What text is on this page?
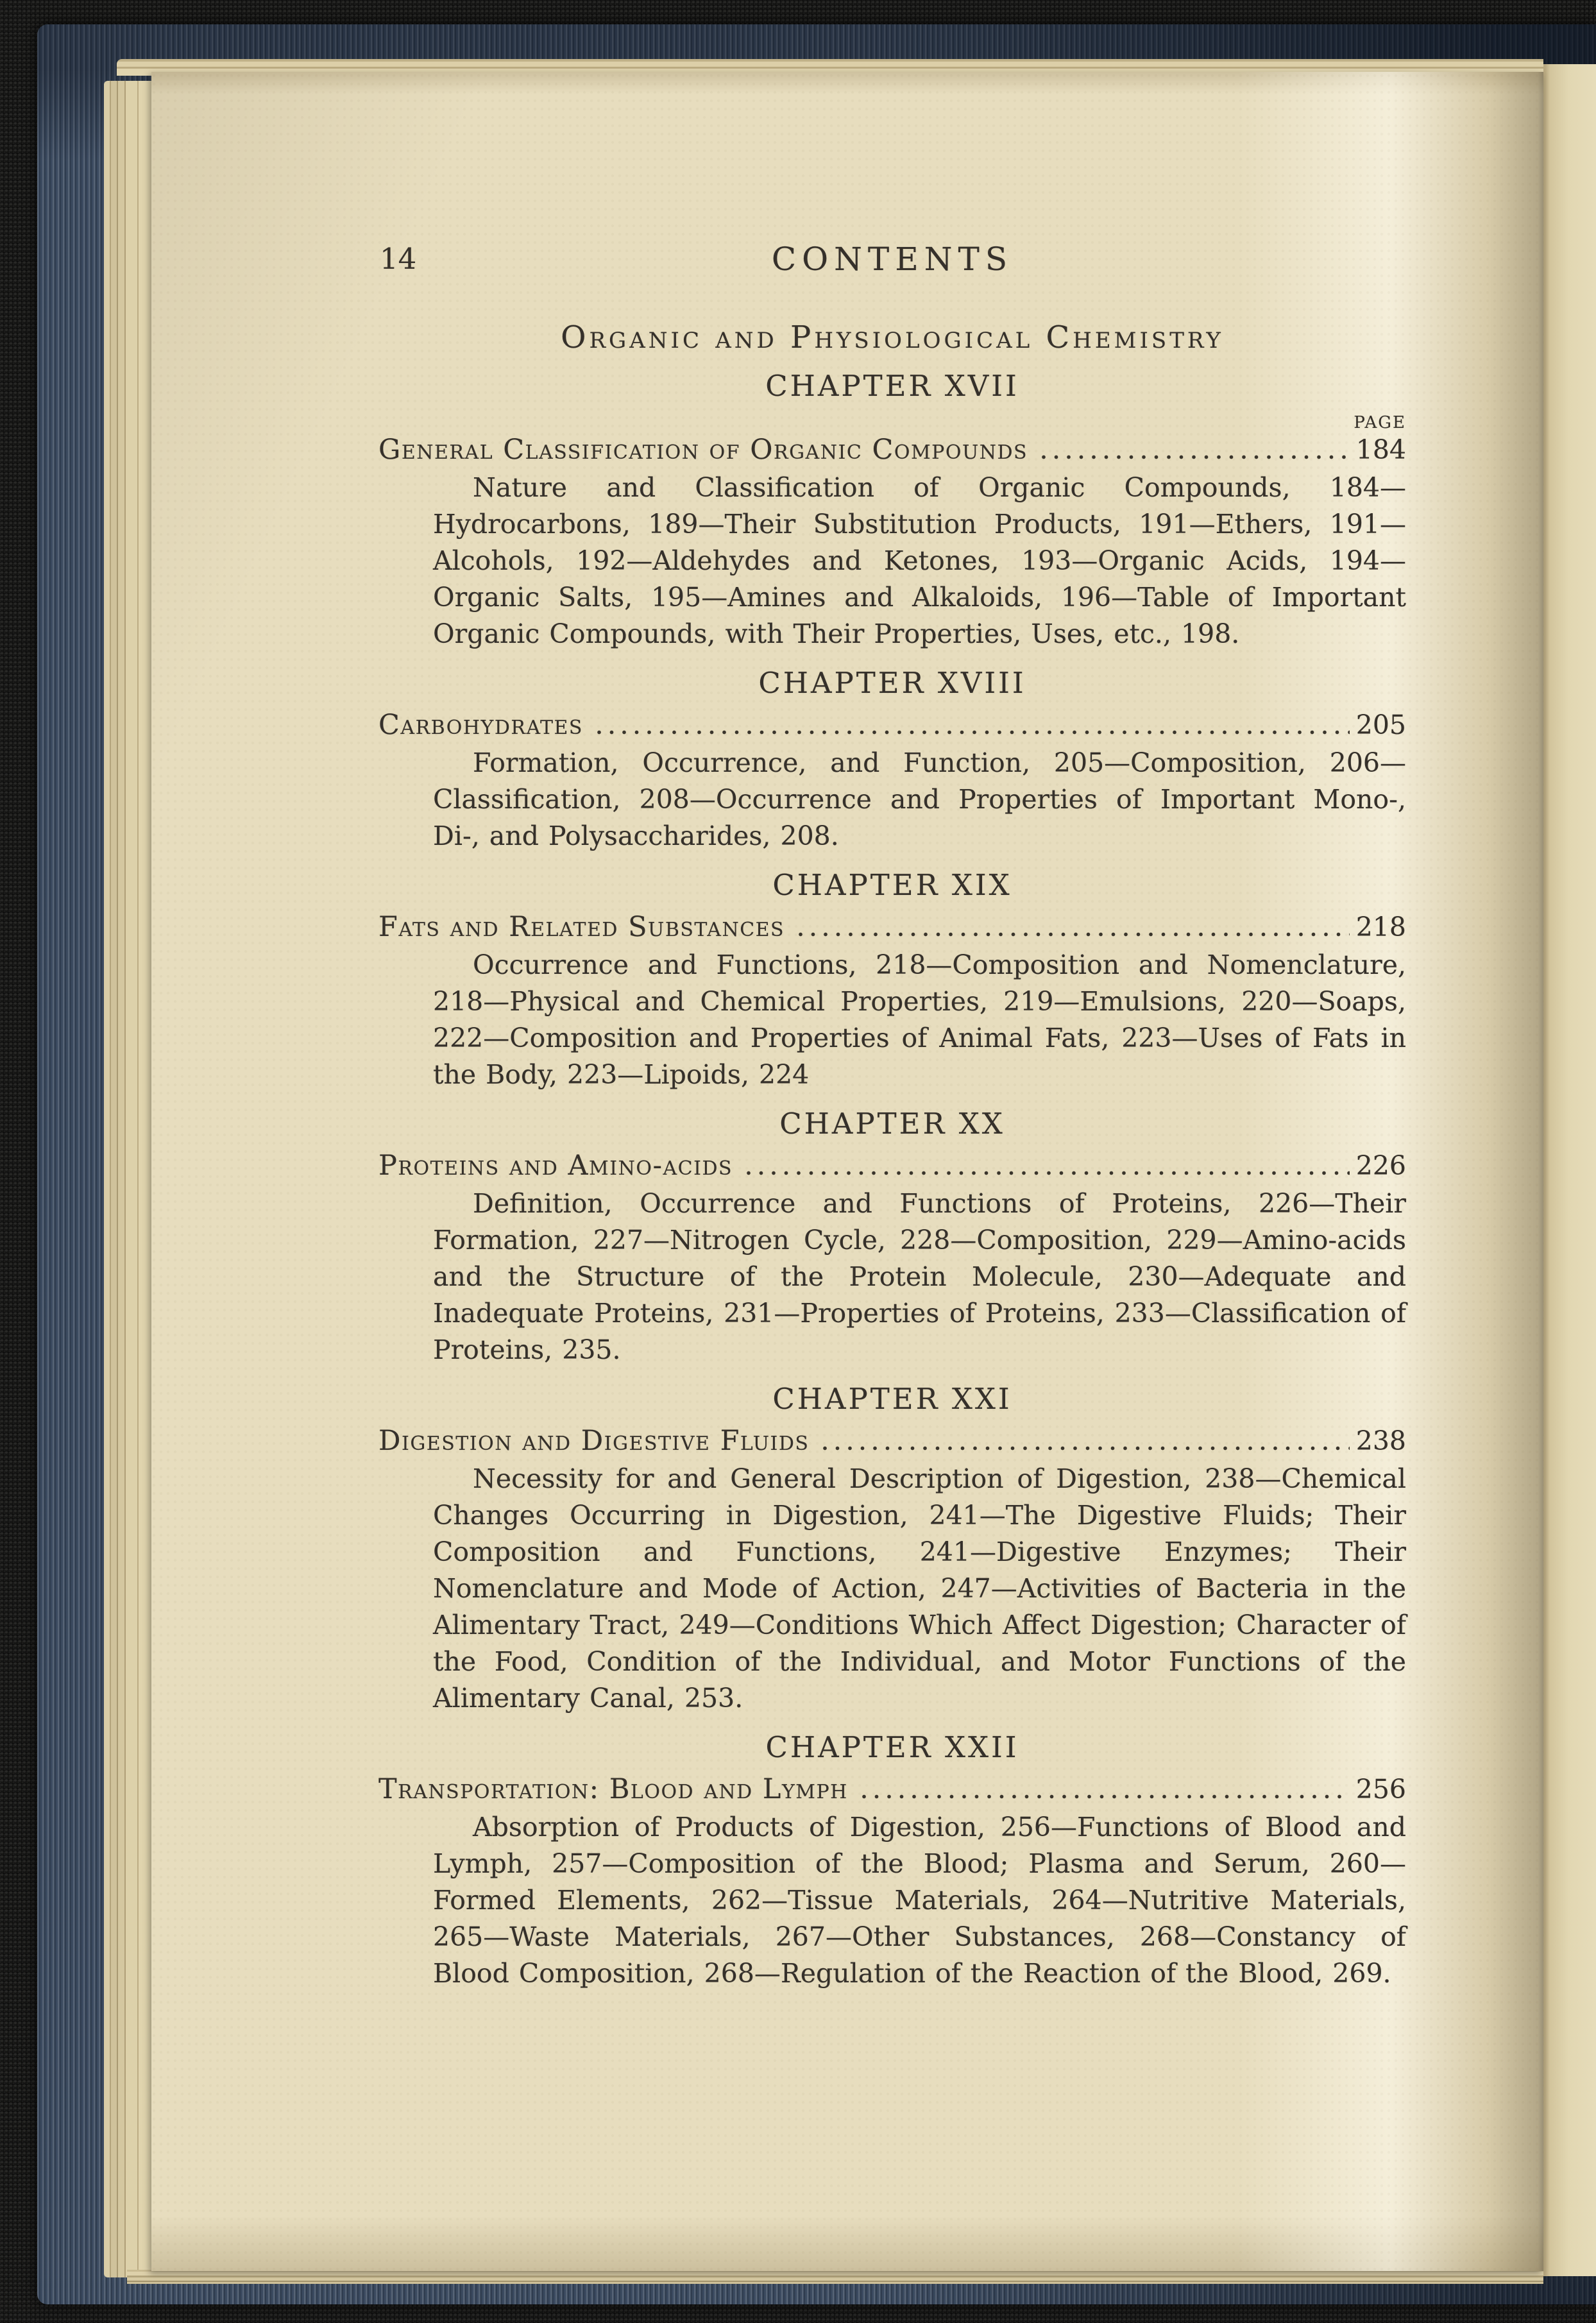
14	CONTENTS
Organic and Physiological Chemistry
CHAPTER XVII
PAGE
General Classification of Organic Compounds	184

Nature and Classification of Organic Compounds, 184—Hydrocarbons, 189—Their Substitution Products, 191—Ethers, 191—Alcohols, 192—Aldehydes and Ketones, 193—Organic Acids, 194—Organic Salts, 195—Amines and Alkaloids, 196—Table of Important Organic Compounds, with Their Properties, Uses, etc., 198.

CHAPTER XVIII
Carbohydrates	205

Formation, Occurrence, and Function, 205—Composition, 206—Classification, 208—Occurrence and Properties of Important Mono-, Di-, and Polysaccharides, 208.

CHAPTER XIX
Fats and Related Substances	218

Occurrence and Functions, 218—Composition and Nomenclature, 218—Physical and Chemical Properties, 219—Emulsions, 220—Soaps, 222—Composition and Properties of Animal Fats, 223—Uses of Fats in the Body, 223—Lipoids, 224

CHAPTER XX
Proteins and Amino-acids	226

Definition, Occurrence and Functions of Proteins, 226—Their Formation, 227—Nitrogen Cycle, 228—Composition, 229—Amino-acids and the Structure of the Protein Molecule, 230—Adequate and Inadequate Proteins, 231—Properties of Proteins, 233—Classification of Proteins, 235.

CHAPTER XXI
Digestion and Digestive Fluids	238

Necessity for and General Description of Digestion, 238—Chemical Changes Occurring in Digestion, 241—The Digestive Fluids; Their Composition and Functions, 241—Digestive Enzymes; Their Nomenclature and Mode of Action, 247—Activities of Bacteria in the Alimentary Tract, 249—Conditions Which Affect Digestion; Character of the Food, Condition of the Individual, and Motor Functions of the Alimentary Canal, 253.

CHAPTER XXII
Transportation: Blood and Lymph	256

Absorption of Products of Digestion, 256—Functions of Blood and Lymph, 257—Composition of the Blood; Plasma and Serum, 260—Formed Elements, 262—Tissue Materials, 264—Nutritive Materials, 265—Waste Materials, 267—Other Substances, 268—Constancy of Blood Composition, 268—Regulation of the Reaction of the Blood, 269.
